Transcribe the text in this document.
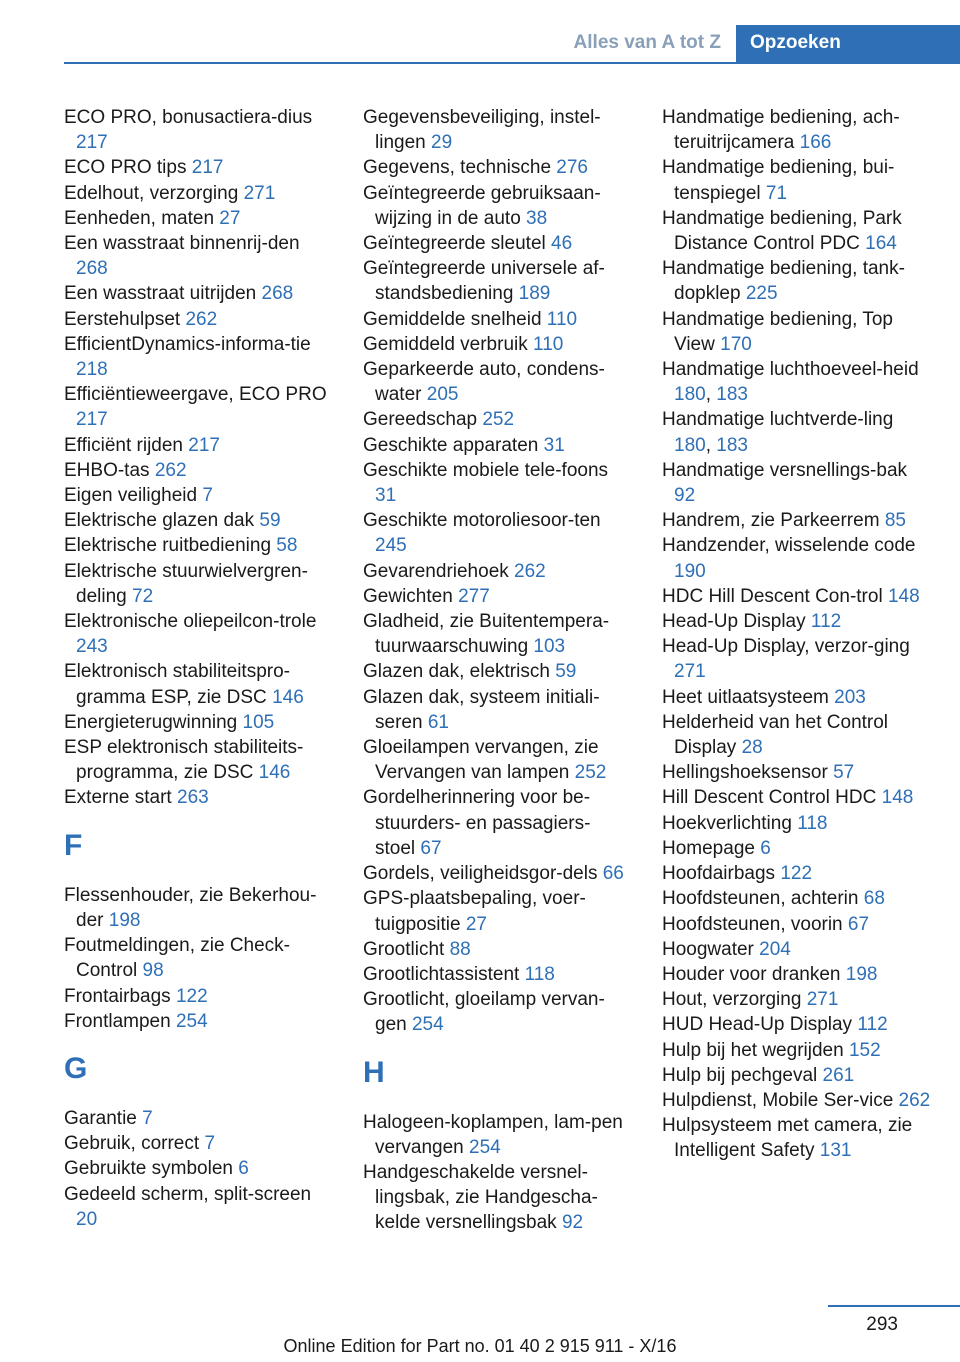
Alles van A tot Z	Opzoeken

ECO PRO, bonusactiera-dius 217

ECO PRO tips 217

Edelhout, verzorging 271

Eenheden, maten 27

Een wasstraat binnenrij-den 268

Een wasstraat uitrijden 268

Eerstehulpset 262

EfficientDynamics-informa-tie 218

Efficiëntieweergave, ECO PRO 217

Efficiënt rijden 217

EHBO-tas 262

Eigen veiligheid 7

Elektrische glazen dak 59

Elektrische ruitbediening 58

Elektrische stuurwielvergren-deling 72

Elektronische oliepeilcon-trole 243

Elektronisch stabiliteitspro-gramma ESP, zie DSC 146

Energieterugwinning 105

ESP elektronisch stabiliteits-programma, zie DSC 146

Externe start 263

F

Flessenhouder, zie Bekerhou-der 198

Foutmeldingen, zie Check-Control 98

Frontairbags 122

Frontlampen 254

G

Garantie 7

Gebruik, correct 7

Gebruikte symbolen 6

Gedeeld scherm, split-screen 20

Gegevensbeveiliging, instel-lingen 29

Gegevens, technische 276

Geïntegreerde gebruiksaan-wijzing in de auto 38

Geïntegreerde sleutel 46

Geïntegreerde universele af-standsbediening 189

Gemiddelde snelheid 110

Gemiddeld verbruik 110

Geparkeerde auto, condens-water 205

Gereedschap 252

Geschikte apparaten 31

Geschikte mobiele tele-foons 31

Geschikte motoroliesoor-ten 245

Gevarendriehoek 262

Gewichten 277

Gladheid, zie Buitentempera-tuurwaarschuwing 103

Glazen dak, elektrisch 59

Glazen dak, systeem initiali-seren 61

Gloeilampen vervangen, zie Vervangen van lampen 252

Gordelherinnering voor be-stuurders- en passagiers-stoel 67

Gordels, veiligheidsgor-dels 66

GPS-plaatsbepaling, voer-tuigpositie 27

Grootlicht 88

Grootlichtassistent 118

Grootlicht, gloeilamp vervan-gen 254

H

Halogeen-koplampen, lam-pen vervangen 254

Handgeschakelde versnel-lingsbak, zie Handgescha-kelde versnellingsbak 92

Handmatige bediening, ach-teruitrijcamera 166

Handmatige bediening, bui-tenspiegel 71

Handmatige bediening, Park Distance Control PDC 164

Handmatige bediening, tank-dopklep 225

Handmatige bediening, Top View 170

Handmatige luchthoeveel-heid 180, 183

Handmatige luchtverde-ling 180, 183

Handmatige versnellings-bak 92

Handrem, zie Parkeerrem 85

Handzender, wisselende code 190

HDC Hill Descent Con-trol 148

Head-Up Display 112

Head-Up Display, verzor-ging 271

Heet uitlaatsysteem 203

Helderheid van het Control Display 28

Hellingshoeksensor 57

Hill Descent Control HDC 148

Hoekverlichting 118

Homepage 6

Hoofdairbags 122

Hoofdsteunen, achterin 68

Hoofdsteunen, voorin 67

Hoogwater 204

Houder voor dranken 198

Hout, verzorging 271

HUD Head-Up Display 112

Hulp bij het wegrijden 152

Hulp bij pechgeval 261

Hulpdienst, Mobile Ser-vice 262

Hulpsysteem met camera, zie Intelligent Safety 131

293
Online Edition for Part no. 01 40 2 915 911 - X/16
